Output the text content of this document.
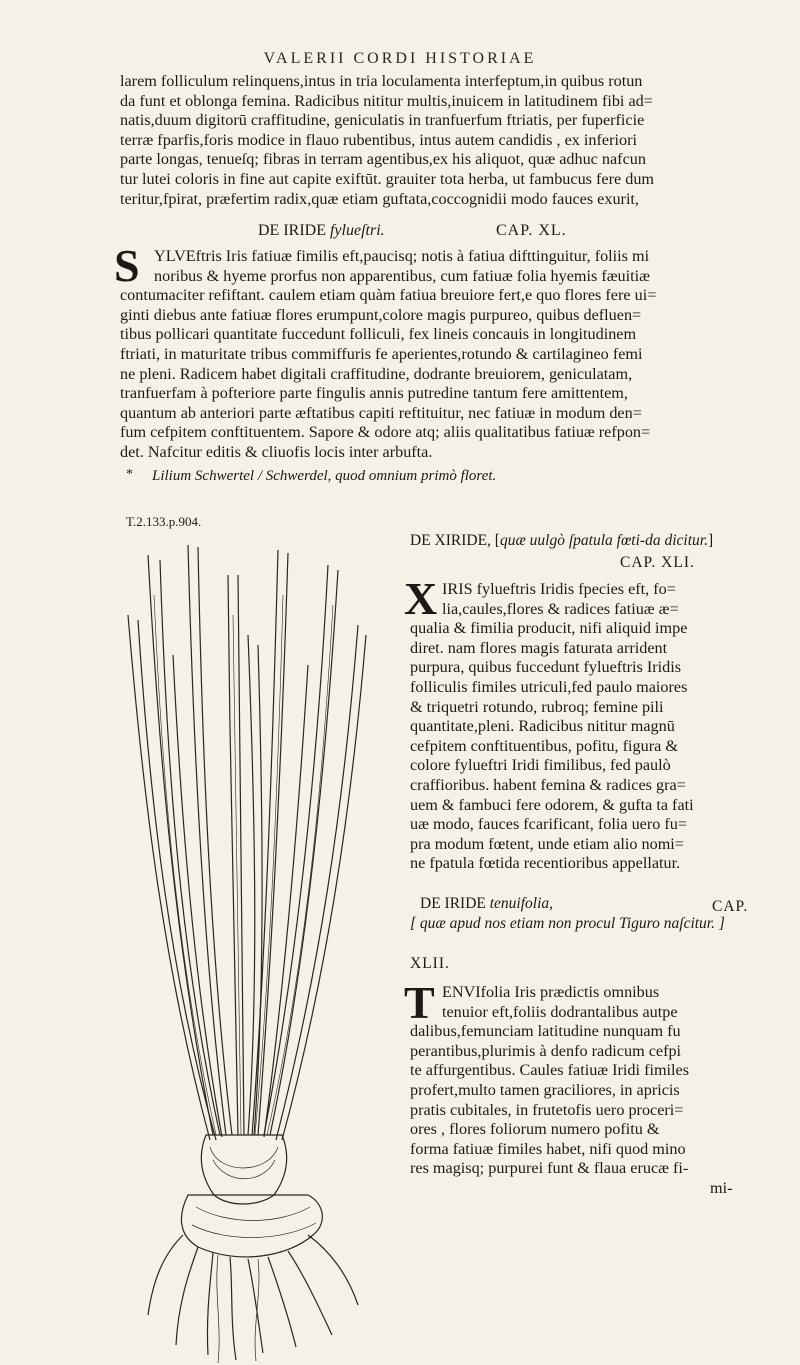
VALERII CORDI HISTORIAE
larem folliculum relinquens,intus in tria loculamenta interfeptum,in quibus rotun
da funt et oblonga femina. Radicibus nititur multis,inuicem in latitudinem fibi ad=
natis,duum digitorū craffitudine, geniculatis in tranfuerfum ftriatis, per fuperficie
terræ fparfis,foris modice in flauo rubentibus, intus autem candidis , ex inferiori
parte longas, tenueſq; fibras in terram agentibus,ex his aliquot, quæ adhuc nafcun
tur lutei coloris in fine aut capite exiftūt. grauiter tota herba, ut fambucus fere dum
teritur,fpirat, præfertim radix,quæ etiam guftata,coccognidii modo fauces exurit,
DE IRIDE fylueſtri.	CAP. XL.
S YLVEftris Iris fatiuæ fimilis eft,paucisq; notis à fatiua difttinguitur, foliis mi
noribus & hyeme prorfus non apparentibus, cum fatiuæ folia hyemis fæuitiæ
contumaciter refiftant. caulem etiam quàm fatiua breuiore fert,e quo flores fere ui=
ginti diebus ante fatiuæ flores erumpunt,colore magis purpureo, quibus defluen=
tibus pollicari quantitate fuccedunt folliculi, fex lineis concauis in longitudinem
ftriati, in maturitate tribus commiffuris fe aperientes,rotundo & cartilagineo femi
ne pleni. Radicem habet digitali craffitudine, dodrante breuiorem, geniculatam,
tranfuerfam à pofteriore parte fingulis annis putredine tantum fere amittentem,
quantum ab anteriori parte æftatibus capiti reftituitur, nec fatiuæ in modum den=
fum cefpitem conftituentem. Sapore & odore atq; aliis qualitatibus fatiuæ refpon=
det. Nafcitur editis & cliuofis locis inter arbufta.
* Lilium Schwertel / Schwerdel, quod omnium primò floret.
T.2.133.p.904.
DE XIRIDE, [quæ uulgò ſpatula fœti-da dicitur.]
CAP. XLI.
X IRIS fylueftris Iridis fpecies eft, fo=
lia,caules,flores & radices fatiuæ æ=
qualia & fimilia producit, nifi aliquid impe
diret. nam flores magis faturata arrident
purpura, quibus fuccedunt fylueftris Iridis
folliculis fimiles utriculi,fed paulo maiores
& triquetri rotundo, rubroq; femine pili
quantitate,pleni. Radicibus nititur magnū
cefpitem conftituentibus, pofitu, figura &
colore fylueftri Iridi fimilibus, fed paulò
craffioribus. habent femina & radices gra=
uem & fambuci fere odorem, & gufta ta fati
uæ modo, fauces fcarificant, folia uero fu=
pra modum fœtent, unde etiam alio nomi=
ne fpatula fœtida recentioribus appellatur.
DE IRIDE tenuifolia,
[ quæ apud nos etiam non procul Tiguro naſcitur. ]
CAP.
XLII.
T ENVIfolia Iris prædictis omnibus
tenuior eft,foliis dodrantalibus autpe
dalibus,femunciam latitudine nunquam fu
perantibus,plurimis à denfo radicum cefpi
te affurgentibus. Caules fatiuæ Iridi fimiles
profert,multo tamen graciliores, in apricis
pratis cubitales, in frutetofis uero proceri=
ores , flores foliorum numero pofitu &
forma fatiuæ fimiles habet, nifi quod mino
res magisq; purpurei funt & flaua erucæ fi-
mi-
